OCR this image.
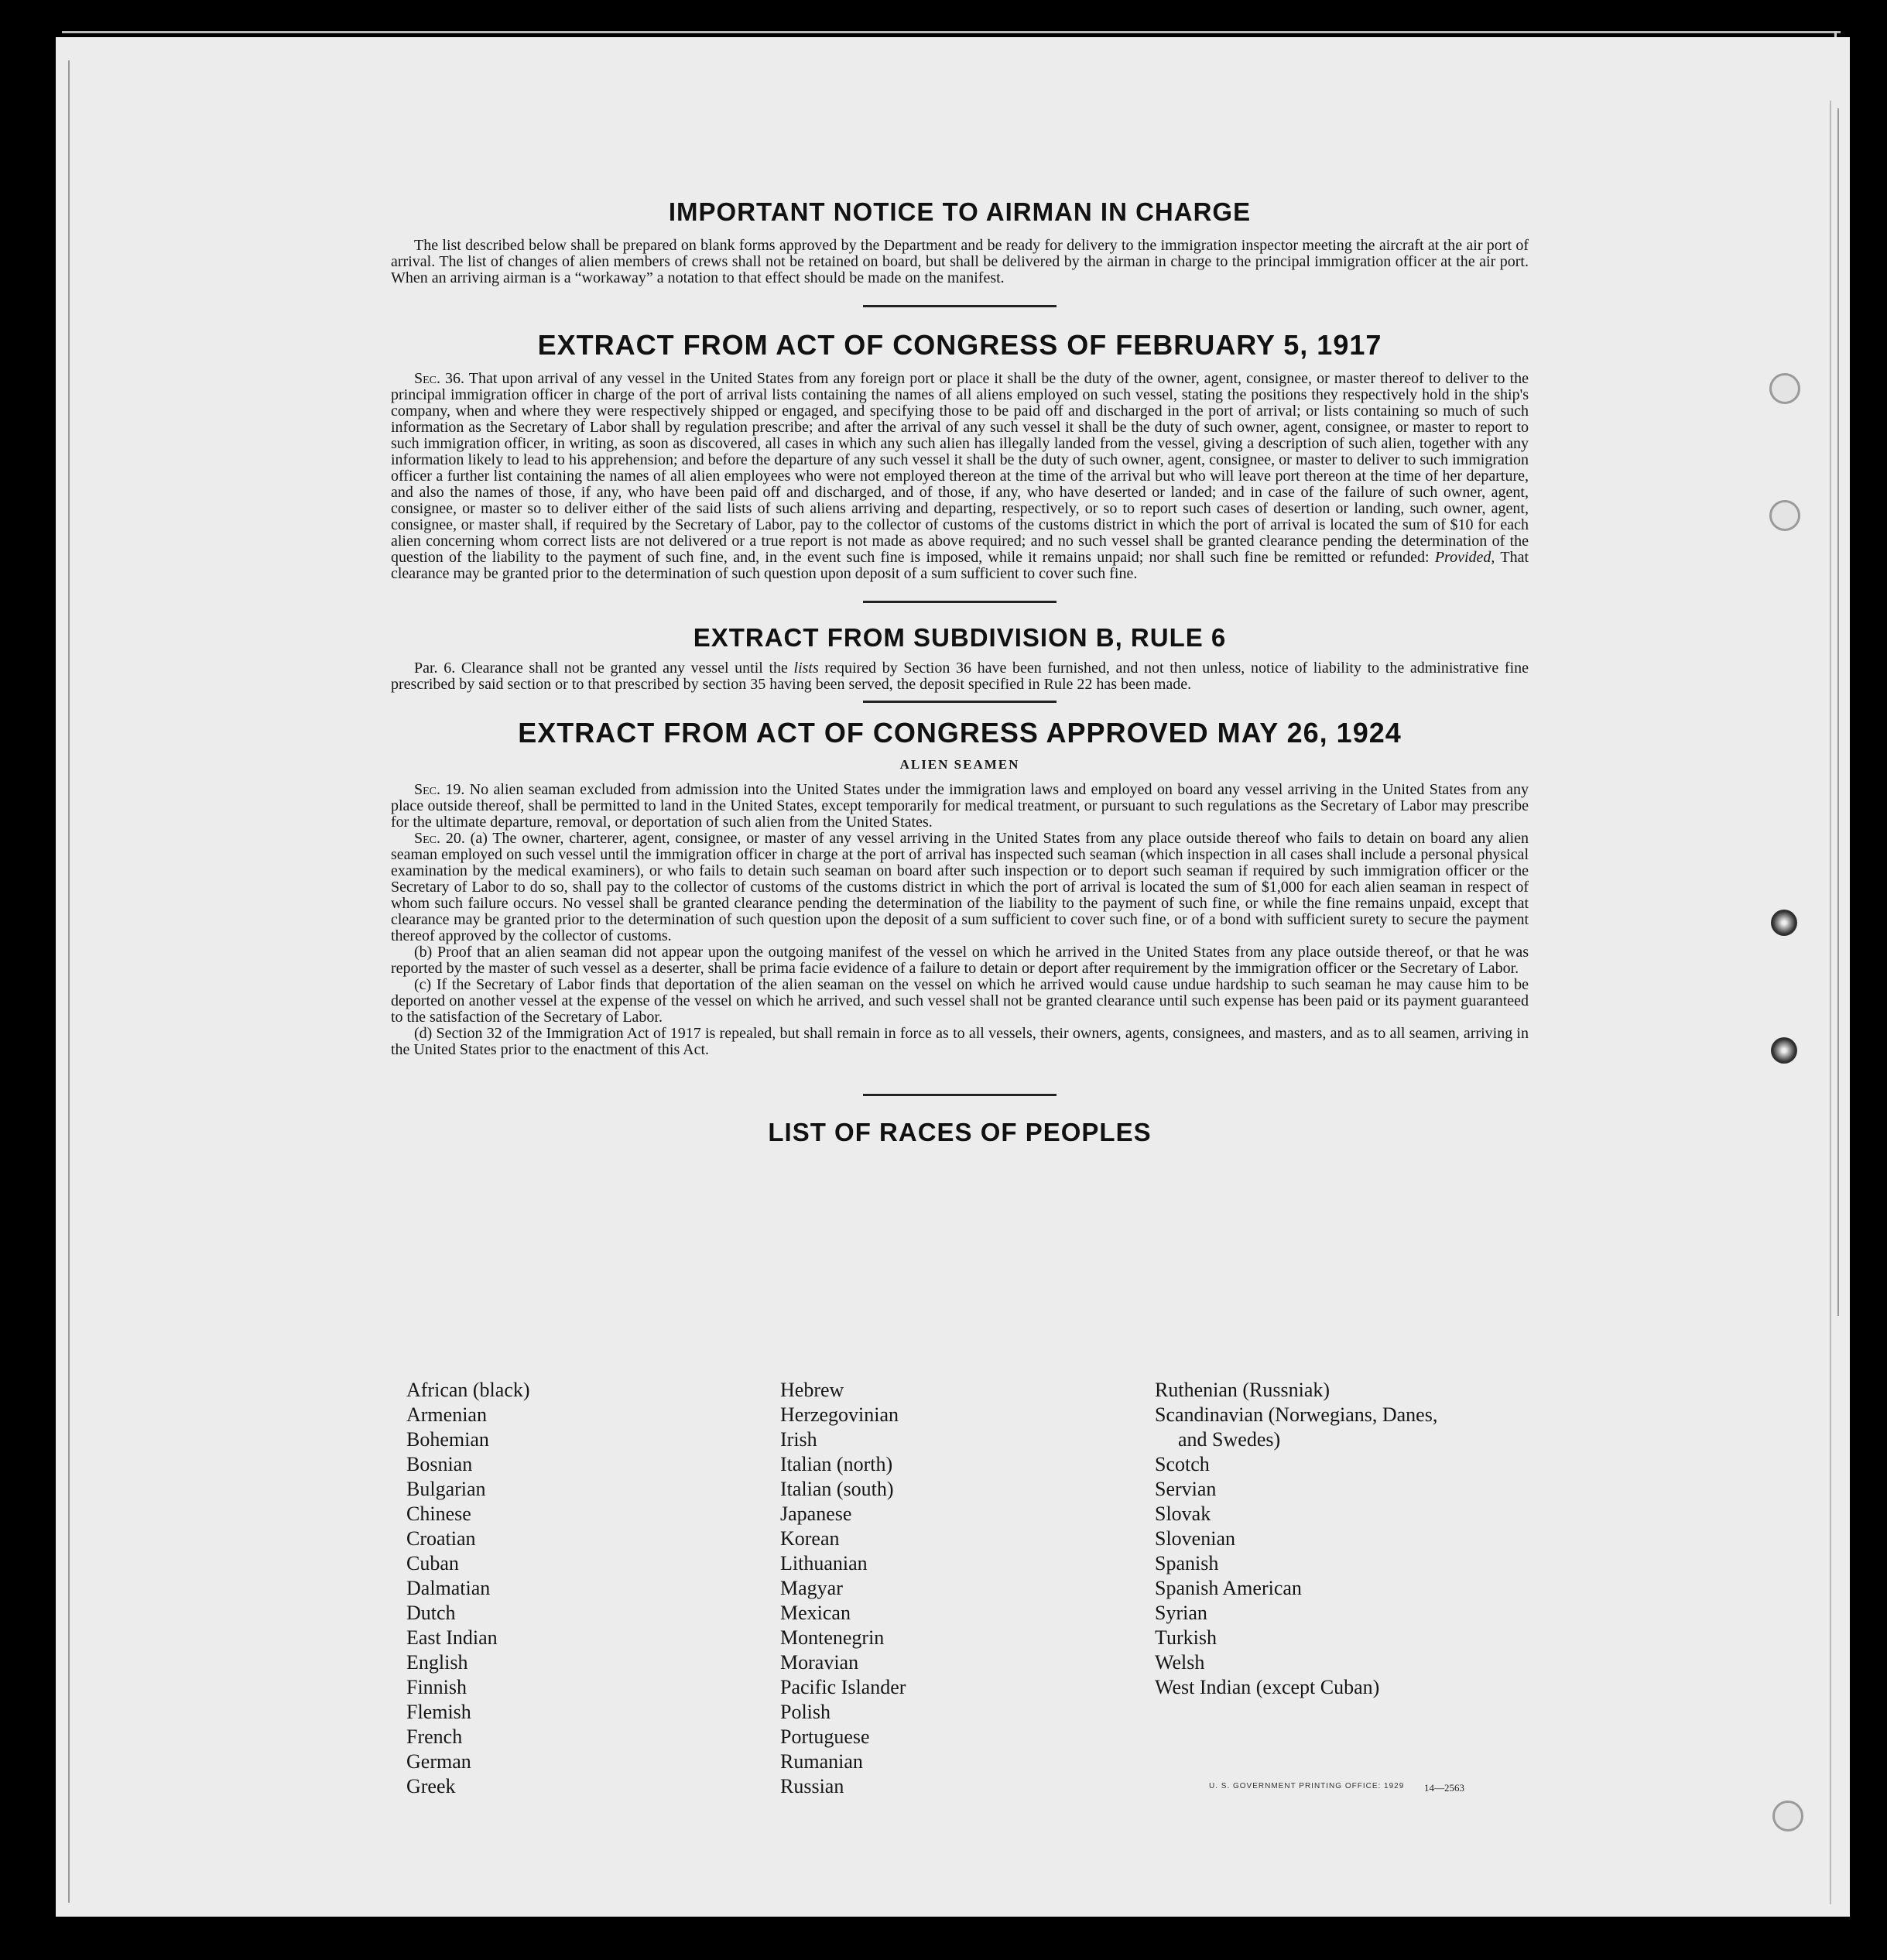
IMPORTANT NOTICE TO AIRMAN IN CHARGE

The list described below shall be prepared on blank forms approved by the Department and be ready for delivery to the immigration inspector meeting the aircraft at the air port of arrival. The list of changes of alien members of crews shall not be retained on board, but shall be delivered by the airman in charge to the principal immigration officer at the air port. When an arriving airman is a “workaway” a notation to that effect should be made on the manifest.

EXTRACT FROM ACT OF CONGRESS OF FEBRUARY 5, 1917

Sec. 36. That upon arrival of any vessel in the United States from any foreign port or place it shall be the duty of the owner, agent, consignee, or master thereof to deliver to the principal immigration officer in charge of the port of arrival lists containing the names of all aliens employed on such vessel, stating the positions they respectively hold in the ship's company, when and where they were respectively shipped or engaged, and specifying those to be paid off and discharged in the port of arrival; or lists containing so much of such information as the Secretary of Labor shall by regulation prescribe; and after the arrival of any such vessel it shall be the duty of such owner, agent, consignee, or master to report to such immigration officer, in writing, as soon as discovered, all cases in which any such alien has illegally landed from the vessel, giving a description of such alien, together with any information likely to lead to his apprehension; and before the departure of any such vessel it shall be the duty of such owner, agent, consignee, or master to deliver to such immigration officer a further list containing the names of all alien employees who were not employed thereon at the time of the arrival but who will leave port thereon at the time of her departure, and also the names of those, if any, who have been paid off and discharged, and of those, if any, who have deserted or landed; and in case of the failure of such owner, agent, consignee, or master so to deliver either of the said lists of such aliens arriving and departing, respectively, or so to report such cases of desertion or landing, such owner, agent, consignee, or master shall, if required by the Secretary of Labor, pay to the collector of customs of the customs district in which the port of arrival is located the sum of $10 for each alien concerning whom correct lists are not delivered or a true report is not made as above required; and no such vessel shall be granted clearance pending the determination of the question of the liability to the payment of such fine, and, in the event such fine is imposed, while it remains unpaid; nor shall such fine be remitted or refunded: Provided, That clearance may be granted prior to the determination of such question upon deposit of a sum sufficient to cover such fine.

EXTRACT FROM SUBDIVISION B, RULE 6

Par. 6. Clearance shall not be granted any vessel until the lists required by Section 36 have been furnished, and not then unless, notice of liability to the administrative fine prescribed by said section or to that prescribed by section 35 having been served, the deposit specified in Rule 22 has been made.

EXTRACT FROM ACT OF CONGRESS APPROVED MAY 26, 1924

ALIEN SEAMEN

Sec. 19. No alien seaman excluded from admission into the United States under the immigration laws and employed on board any vessel arriving in the United States from any place outside thereof, shall be permitted to land in the United States, except temporarily for medical treatment, or pursuant to such regulations as the Secretary of Labor may prescribe for the ultimate departure, removal, or deportation of such alien from the United States.

Sec. 20. (a) The owner, charterer, agent, consignee, or master of any vessel arriving in the United States from any place outside thereof who fails to detain on board any alien seaman employed on such vessel until the immigration officer in charge at the port of arrival has inspected such seaman (which inspection in all cases shall include a personal physical examination by the medical examiners), or who fails to detain such seaman on board after such inspection or to deport such seaman if required by such immigration officer or the Secretary of Labor to do so, shall pay to the collector of customs of the customs district in which the port of arrival is located the sum of $1,000 for each alien seaman in respect of whom such failure occurs. No vessel shall be granted clearance pending the determination of the liability to the payment of such fine, or while the fine remains unpaid, except that clearance may be granted prior to the determination of such question upon the deposit of a sum sufficient to cover such fine, or of a bond with sufficient surety to secure the payment thereof approved by the collector of customs.

(b) Proof that an alien seaman did not appear upon the outgoing manifest of the vessel on which he arrived in the United States from any place outside thereof, or that he was reported by the master of such vessel as a deserter, shall be prima facie evidence of a failure to detain or deport after requirement by the immigration officer or the Secretary of Labor.

(c) If the Secretary of Labor finds that deportation of the alien seaman on the vessel on which he arrived would cause undue hardship to such seaman he may cause him to be deported on another vessel at the expense of the vessel on which he arrived, and such vessel shall not be granted clearance until such expense has been paid or its payment guaranteed to the satisfaction of the Secretary of Labor.

(d) Section 32 of the Immigration Act of 1917 is repealed, but shall remain in force as to all vessels, their owners, agents, consignees, and masters, and as to all seamen, arriving in the United States prior to the enactment of this Act.

LIST OF RACES OF PEOPLES
African (black)
Armenian
Bohemian
Bosnian
Bulgarian
Chinese
Croatian
Cuban
Dalmatian
Dutch
East Indian
English
Finnish
Flemish
French
German
Greek
Hebrew
Herzegovinian
Irish
Italian (north)
Italian (south)
Japanese
Korean
Lithuanian
Magyar
Mexican
Montenegrin
Moravian
Pacific Islander
Polish
Portuguese
Rumanian
Russian
Ruthenian (Russniak)
Scandinavian (Norwegians, Danes,
and Swedes)
Scotch
Servian
Slovak
Slovenian
Spanish
Spanish American
Syrian
Turkish
Welsh
West Indian (except Cuban)
U. S. GOVERNMENT PRINTING OFFICE: 1929 14—2563
